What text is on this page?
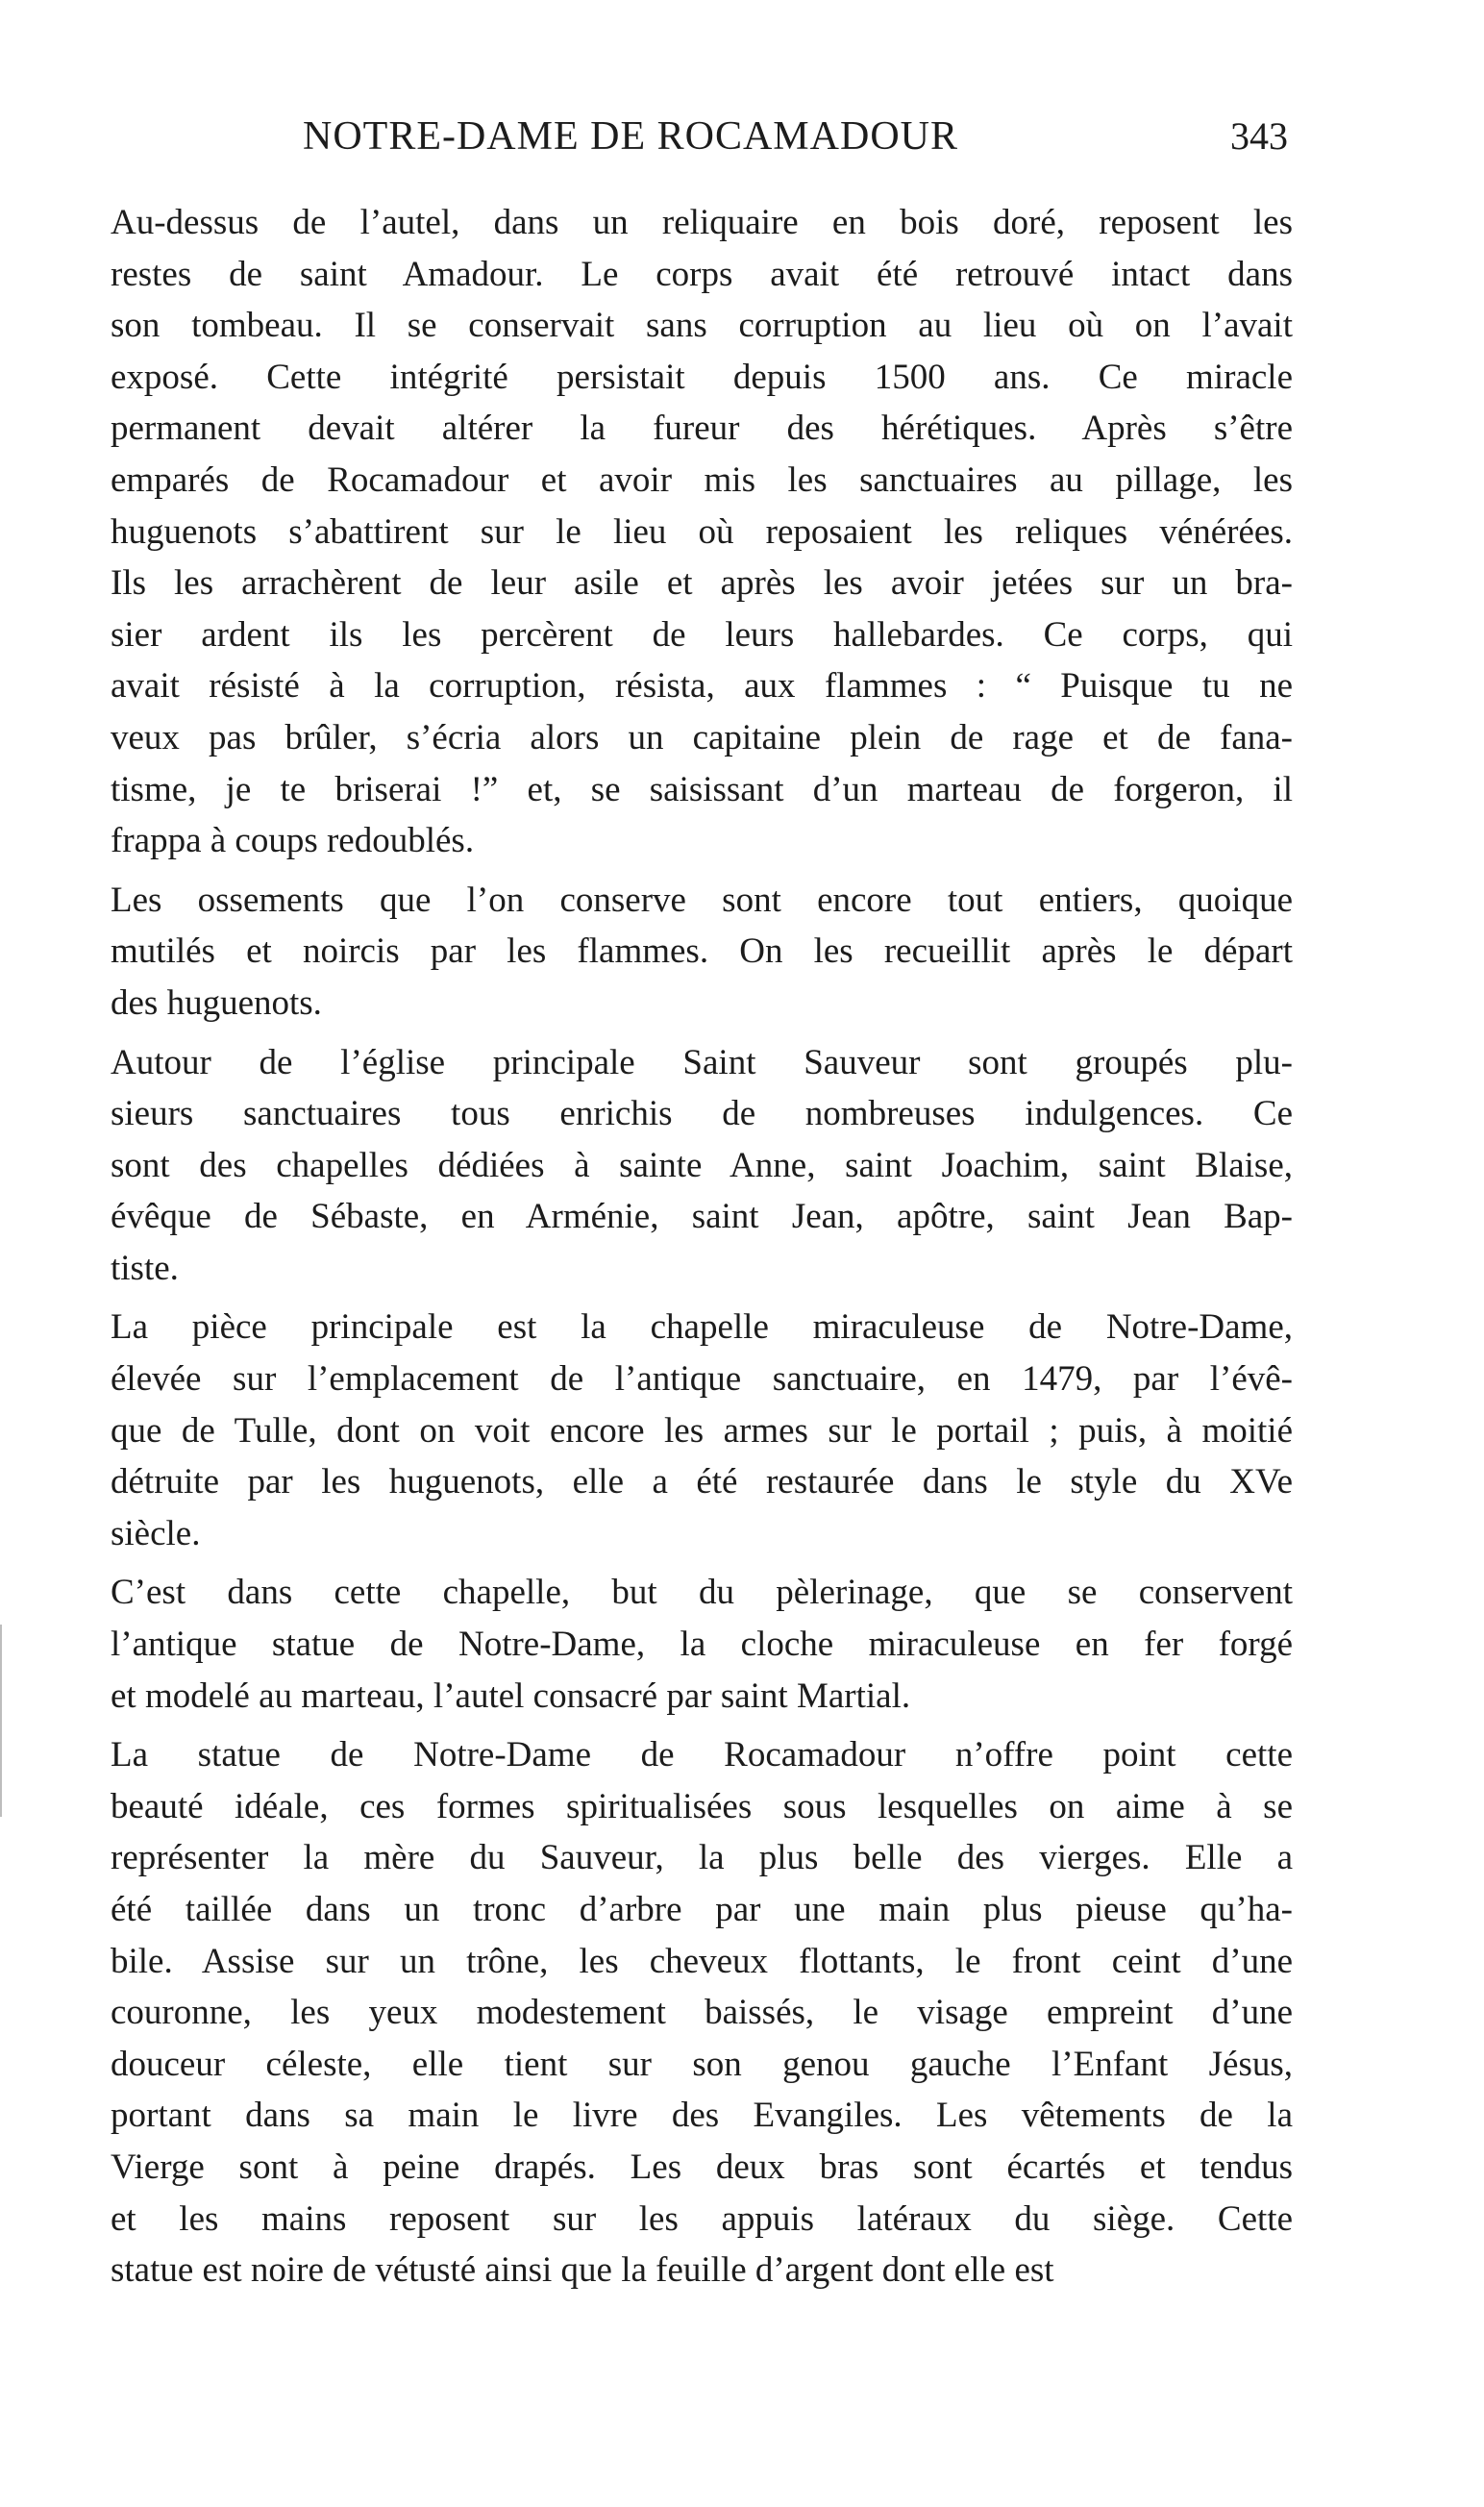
NOTRE-DAME DE ROCAMADOUR	343
Au-dessus de l’autel, dans un reliquaire en bois doré, reposent les
restes de saint Amadour. Le corps avait été retrouvé intact dans
son tombeau. Il se conservait sans corruption au lieu où on l’avait
exposé. Cette intégrité persistait depuis 1500 ans. Ce miracle
permanent devait altérer la fureur des hérétiques. Après s’être
emparés de Rocamadour et avoir mis les sanctuaires au pillage, les
huguenots s’abattirent sur le lieu où reposaient les reliques vénérées.
Ils les arrachèrent de leur asile et après les avoir jetées sur un bra-
sier ardent ils les percèrent de leurs hallebardes. Ce corps, qui
avait résisté à la corruption, résista, aux flammes : “ Puisque tu ne
veux pas brûler, s’écria alors un capitaine plein de rage et de fana-
tisme, je te briserai !” et, se saisissant d’un marteau de forgeron, il
frappa à coups redoublés.
Les ossements que l’on conserve sont encore tout entiers, quoique
mutilés et noircis par les flammes. On les recueillit après le départ
des huguenots.
Autour de l’église principale Saint Sauveur sont groupés plu-
sieurs sanctuaires tous enrichis de nombreuses indulgences. Ce
sont des chapelles dédiées à sainte Anne, saint Joachim, saint Blaise,
évêque de Sébaste, en Arménie, saint Jean, apôtre, saint Jean Bap-
tiste.
La pièce principale est la chapelle miraculeuse de Notre-Dame,
élevée sur l’emplacement de l’antique sanctuaire, en 1479, par l’évê-
que de Tulle, dont on voit encore les armes sur le portail ; puis, à moitié
détruite par les huguenots, elle a été restaurée dans le style du XVe
siècle.
C’est dans cette chapelle, but du pèlerinage, que se conservent
l’antique statue de Notre-Dame, la cloche miraculeuse en fer forgé
et modelé au marteau, l’autel consacré par saint Martial.
La statue de Notre-Dame de Rocamadour n’offre point cette
beauté idéale, ces formes spiritualisées sous lesquelles on aime à se
représenter la mère du Sauveur, la plus belle des vierges. Elle a
été taillée dans un tronc d’arbre par une main plus pieuse qu’ha-
bile. Assise sur un trône, les cheveux flottants, le front ceint d’une
couronne, les yeux modestement baissés, le visage empreint d’une
douceur céleste, elle tient sur son genou gauche l’Enfant Jésus,
portant dans sa main le livre des Evangiles. Les vêtements de la
Vierge sont à peine drapés. Les deux bras sont écartés et tendus
et les mains reposent sur les appuis latéraux du siège. Cette
statue est noire de vétusté ainsi que la feuille d’argent dont elle est
